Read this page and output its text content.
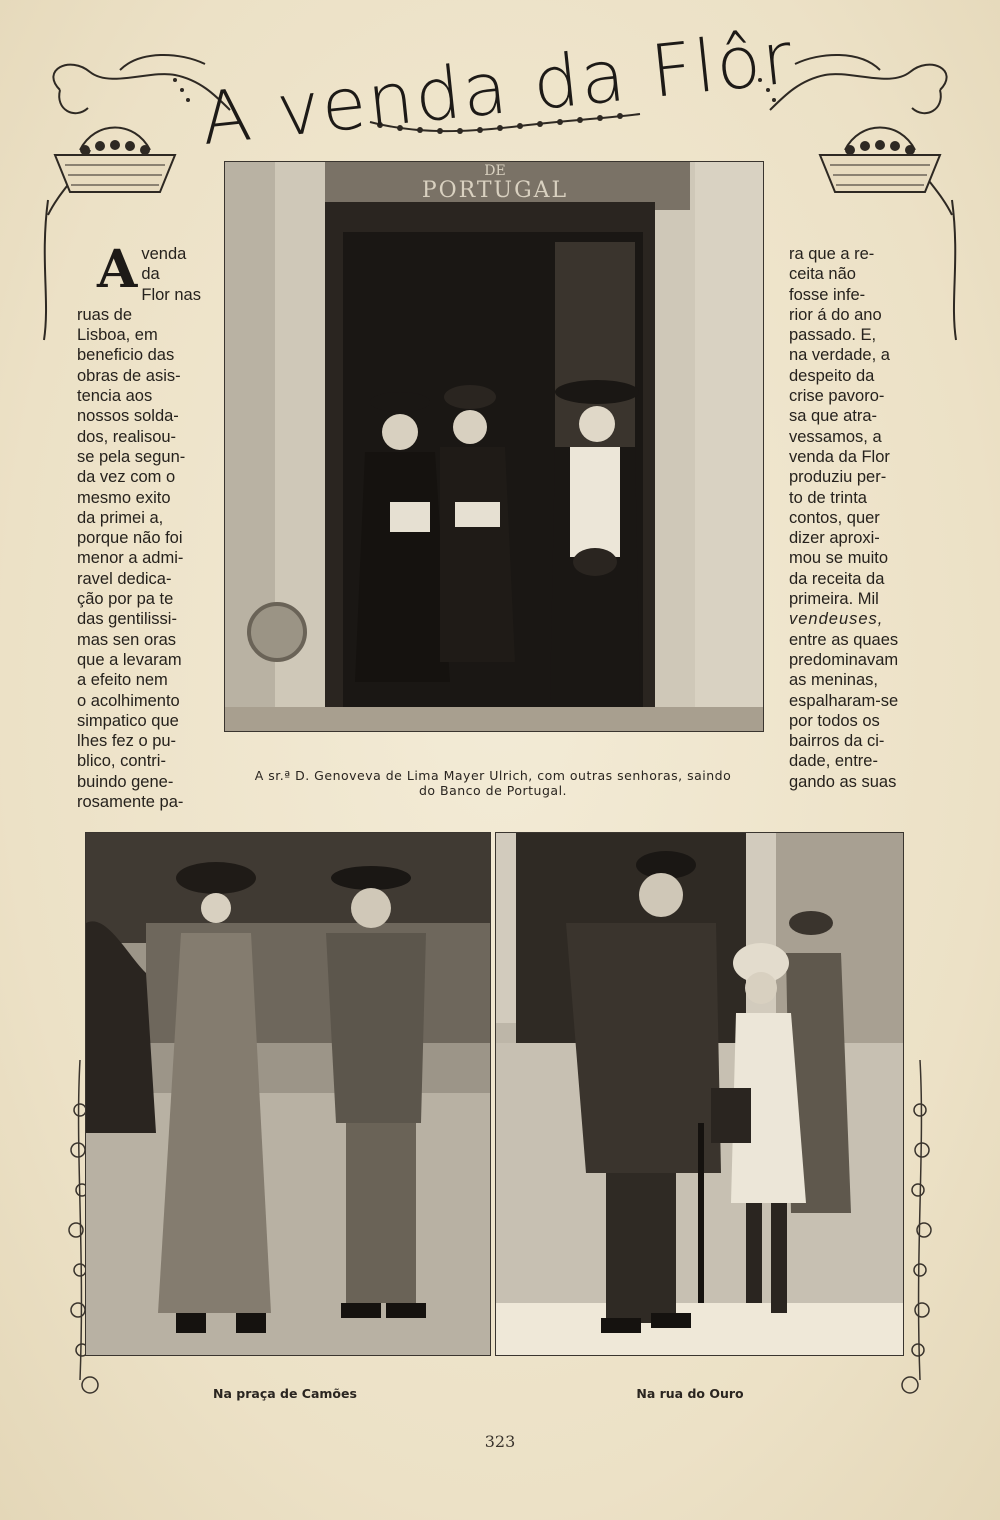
A venda da Flôr
A venda da
Flor nas
ruas de
Lisboa, em
beneficio das
obras de asis-
tencia aos
nossos solda-
dos, realisou-
se pela segun-
da vez com o
mesmo exito
da primei a,
porque não foi
menor a admi-
ravel dedica-
ção por pa te
das gentilissi-
mas sen oras
que a levaram
a efeito nem
o acolhimento
simpatico que
lhes fez o pu-
blico, contri-
buindo gene-
rosamente pa-

ra que a re-
ceita não
fosse infe-
rior á do ano
passado. E,
na verdade, a
despeito da
crise pavoro-
sa que atra-
vessamos, a
venda da Flor
produziu per-
to de trinta
contos, quer
dizer aproxi-
mou se muito
da receita da
primeira. Mil
vendeuses,
entre as quaes
predominavam
as meninas,
espalharam-se
por todos os
bairros da ci-
dade, entre-
gando as suas

DE
PORTUGAL
A sr.ª D. Genoveva de Lima Mayer Ulrich, com outras senhoras, saindo
do Banco de Portugal.
Na praça de Camões	Na rua do Ouro
323
